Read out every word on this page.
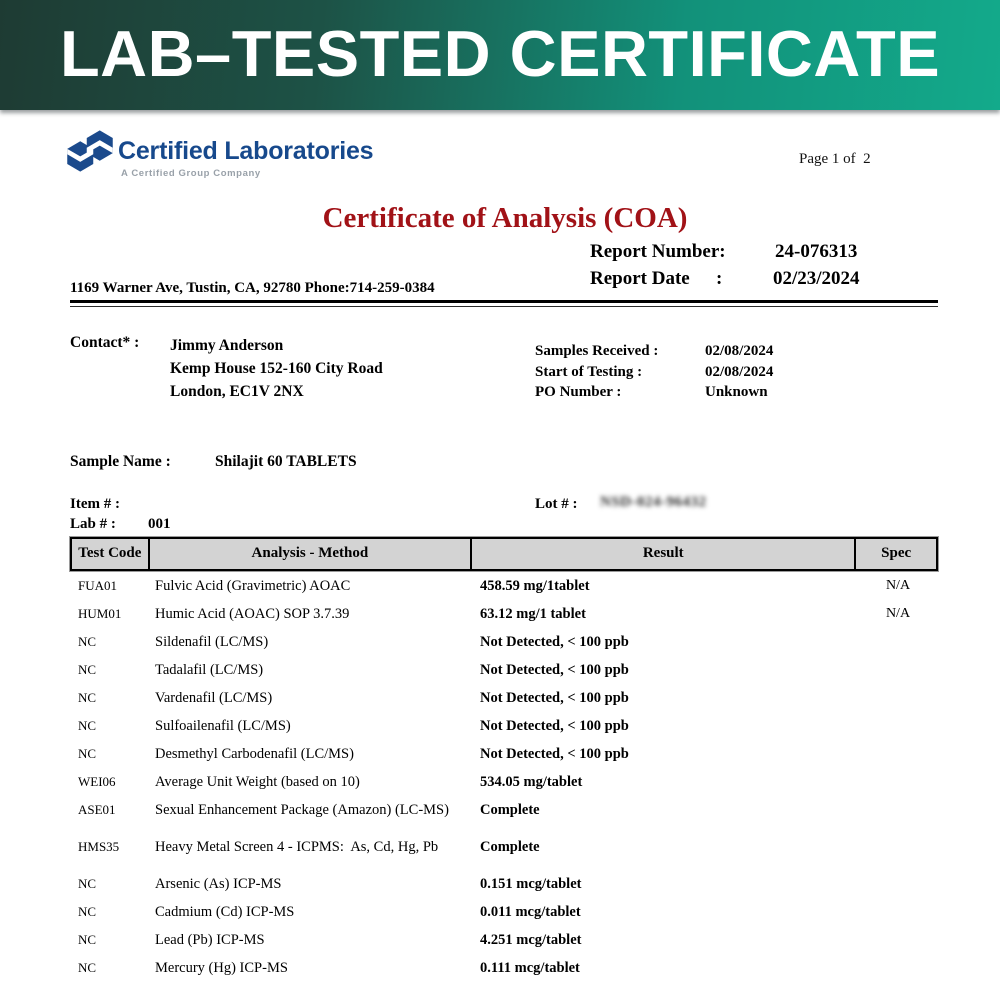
LAB–TESTED CERTIFICATE
Certified Laboratories
A Certified Group Company
Page 1 of  2
Certificate of Analysis (COA)
Report Number:	24-076313
Report Date :	02/23/2024
1169 Warner Ave, Tustin, CA, 92780 Phone:714-259-0384
Contact* : Jimmy Anderson
Kemp House 152-160 City Road
London, EC1V 2NX
Samples Received :	02/08/2024
Start of Testing :	02/08/2024
PO Number :	Unknown
Sample Name :	Shilajit 60 TABLETS
Item # :	Lot # : NSD-024-96432
Lab # : 001
Test Code	Analysis - Method	Result	Spec
FUA01	Fulvic Acid (Gravimetric) AOAC	458.59 mg/1tablet	N/A
HUM01	Humic Acid (AOAC) SOP 3.7.39	63.12 mg/1 tablet	N/A
NC	Sildenafil (LC/MS)	Not Detected, < 100 ppb
NC	Tadalafil (LC/MS)	Not Detected, < 100 ppb
NC	Vardenafil (LC/MS)	Not Detected, < 100 ppb
NC	Sulfoailenafil (LC/MS)	Not Detected, < 100 ppb
NC	Desmethyl Carbodenafil (LC/MS)	Not Detected, < 100 ppb
WEI06	Average Unit Weight (based on 10)	534.05 mg/tablet
ASE01	Sexual Enhancement Package (Amazon) (LC-MS)	Complete
HMS35	Heavy Metal Screen 4 - ICPMS:  As, Cd, Hg, Pb	Complete
NC	Arsenic (As) ICP-MS	0.151 mcg/tablet
NC	Cadmium (Cd) ICP-MS	0.011 mcg/tablet
NC	Lead (Pb) ICP-MS	4.251 mcg/tablet
NC	Mercury (Hg) ICP-MS	0.111 mcg/tablet
